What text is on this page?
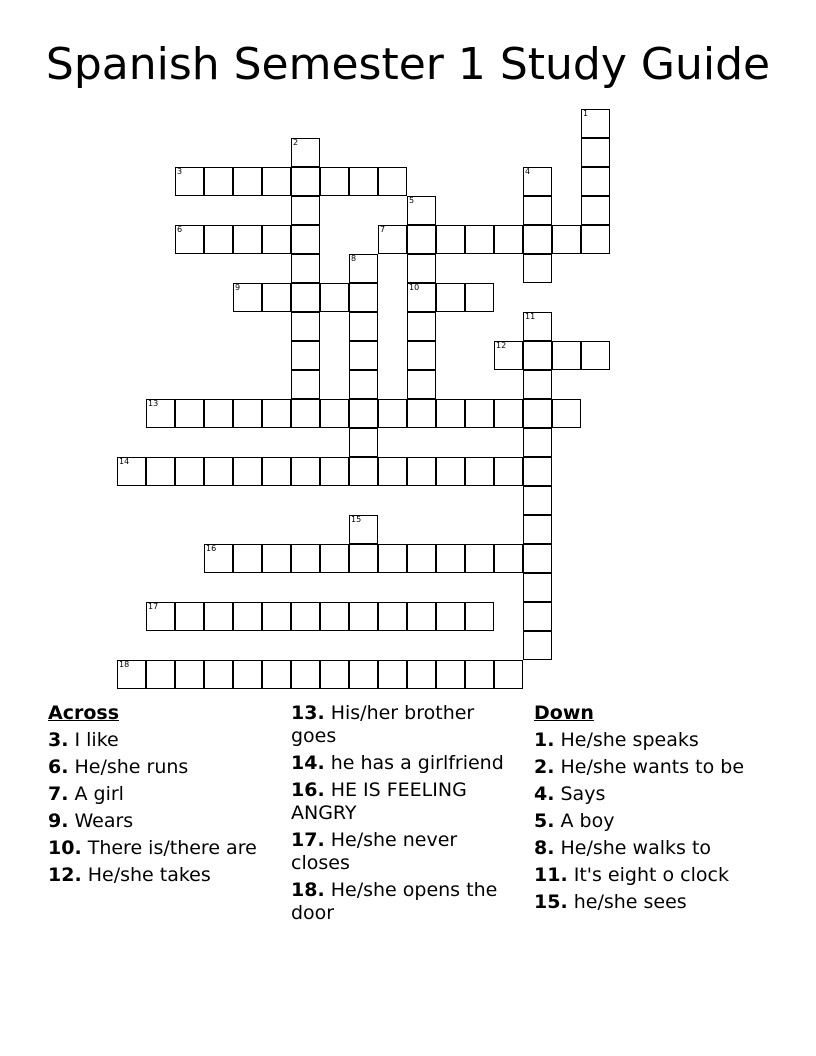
Spanish Semester 1 Study Guide
3
6	7
9	10
12
13
14
16
17
18
1
2
4
5
8
11
15
Across
3. I like
6. He/she runs
7. A girl
9. Wears
10. There is/there are
12. He/she takes
13. His/her brother goes
14. he has a girlfriend
16. HE IS FEELING ANGRY
17. He/she never closes
18. He/she opens the door
Down
1. He/she speaks
2. He/she wants to be
4. Says
5. A boy
8. He/she walks to
11. It's eight o clock
15. he/she sees
